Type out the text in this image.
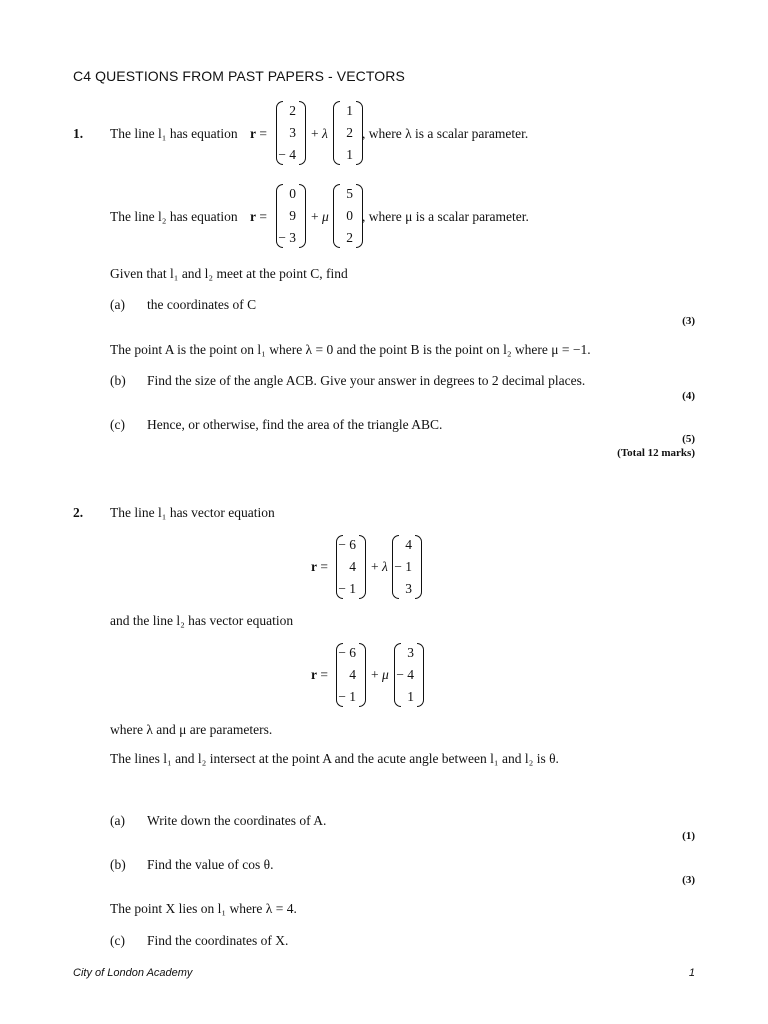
C4 QUESTIONS FROM PAST PAPERS - VECTORS
1. The line l₁ has equation r =
2
3
− 4
+ λ
1
2
1
, where λ is a scalar parameter.
The line l₂ has equation r =
0
9
− 3
+ μ
5
0
2
, where μ is a scalar parameter.
Given that l₁ and l₂ meet at the point C, find
(a) the coordinates of C
(3)
The point A is the point on l₁ where λ = 0 and the point B is the point on l₂ where μ = −1.
(b) Find the size of the angle ACB. Give your answer in degrees to 2 decimal places.
(4)
(c) Hence, or otherwise, find the area of the triangle ABC.
(5)
(Total 12 marks)
2. The line l₁ has vector equation
r =
− 6
4
− 1
+ λ
4
− 1
3
and the line l₂ has vector equation
r =
− 6
4
− 1
+ μ
3
− 4
1
where λ and μ are parameters.
The lines l₁ and l₂ intersect at the point A and the acute angle between l₁ and l₂ is θ.
(a) Write down the coordinates of A.
(1)
(b) Find the value of cos θ.
(3)
The point X lies on l₁ where λ = 4.
(c) Find the coordinates of X.
City of London Academy	1
